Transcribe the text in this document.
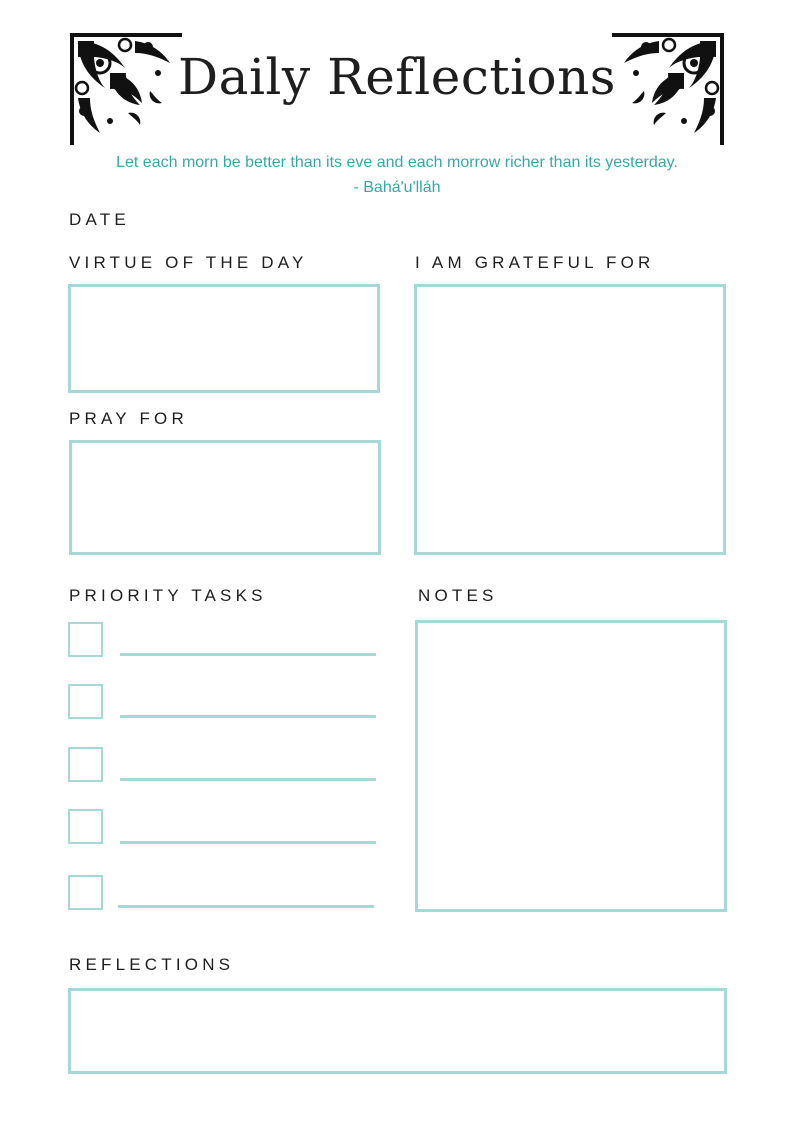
Daily Reflections
Let each morn be better than its eve and each morrow richer than its yesterday.
- Bahá'u'lláh
DATE
VIRTUE OF THE DAY	I AM GRATEFUL FOR
PRAY FOR
PRIORITY TASKS	NOTES
REFLECTIONS
